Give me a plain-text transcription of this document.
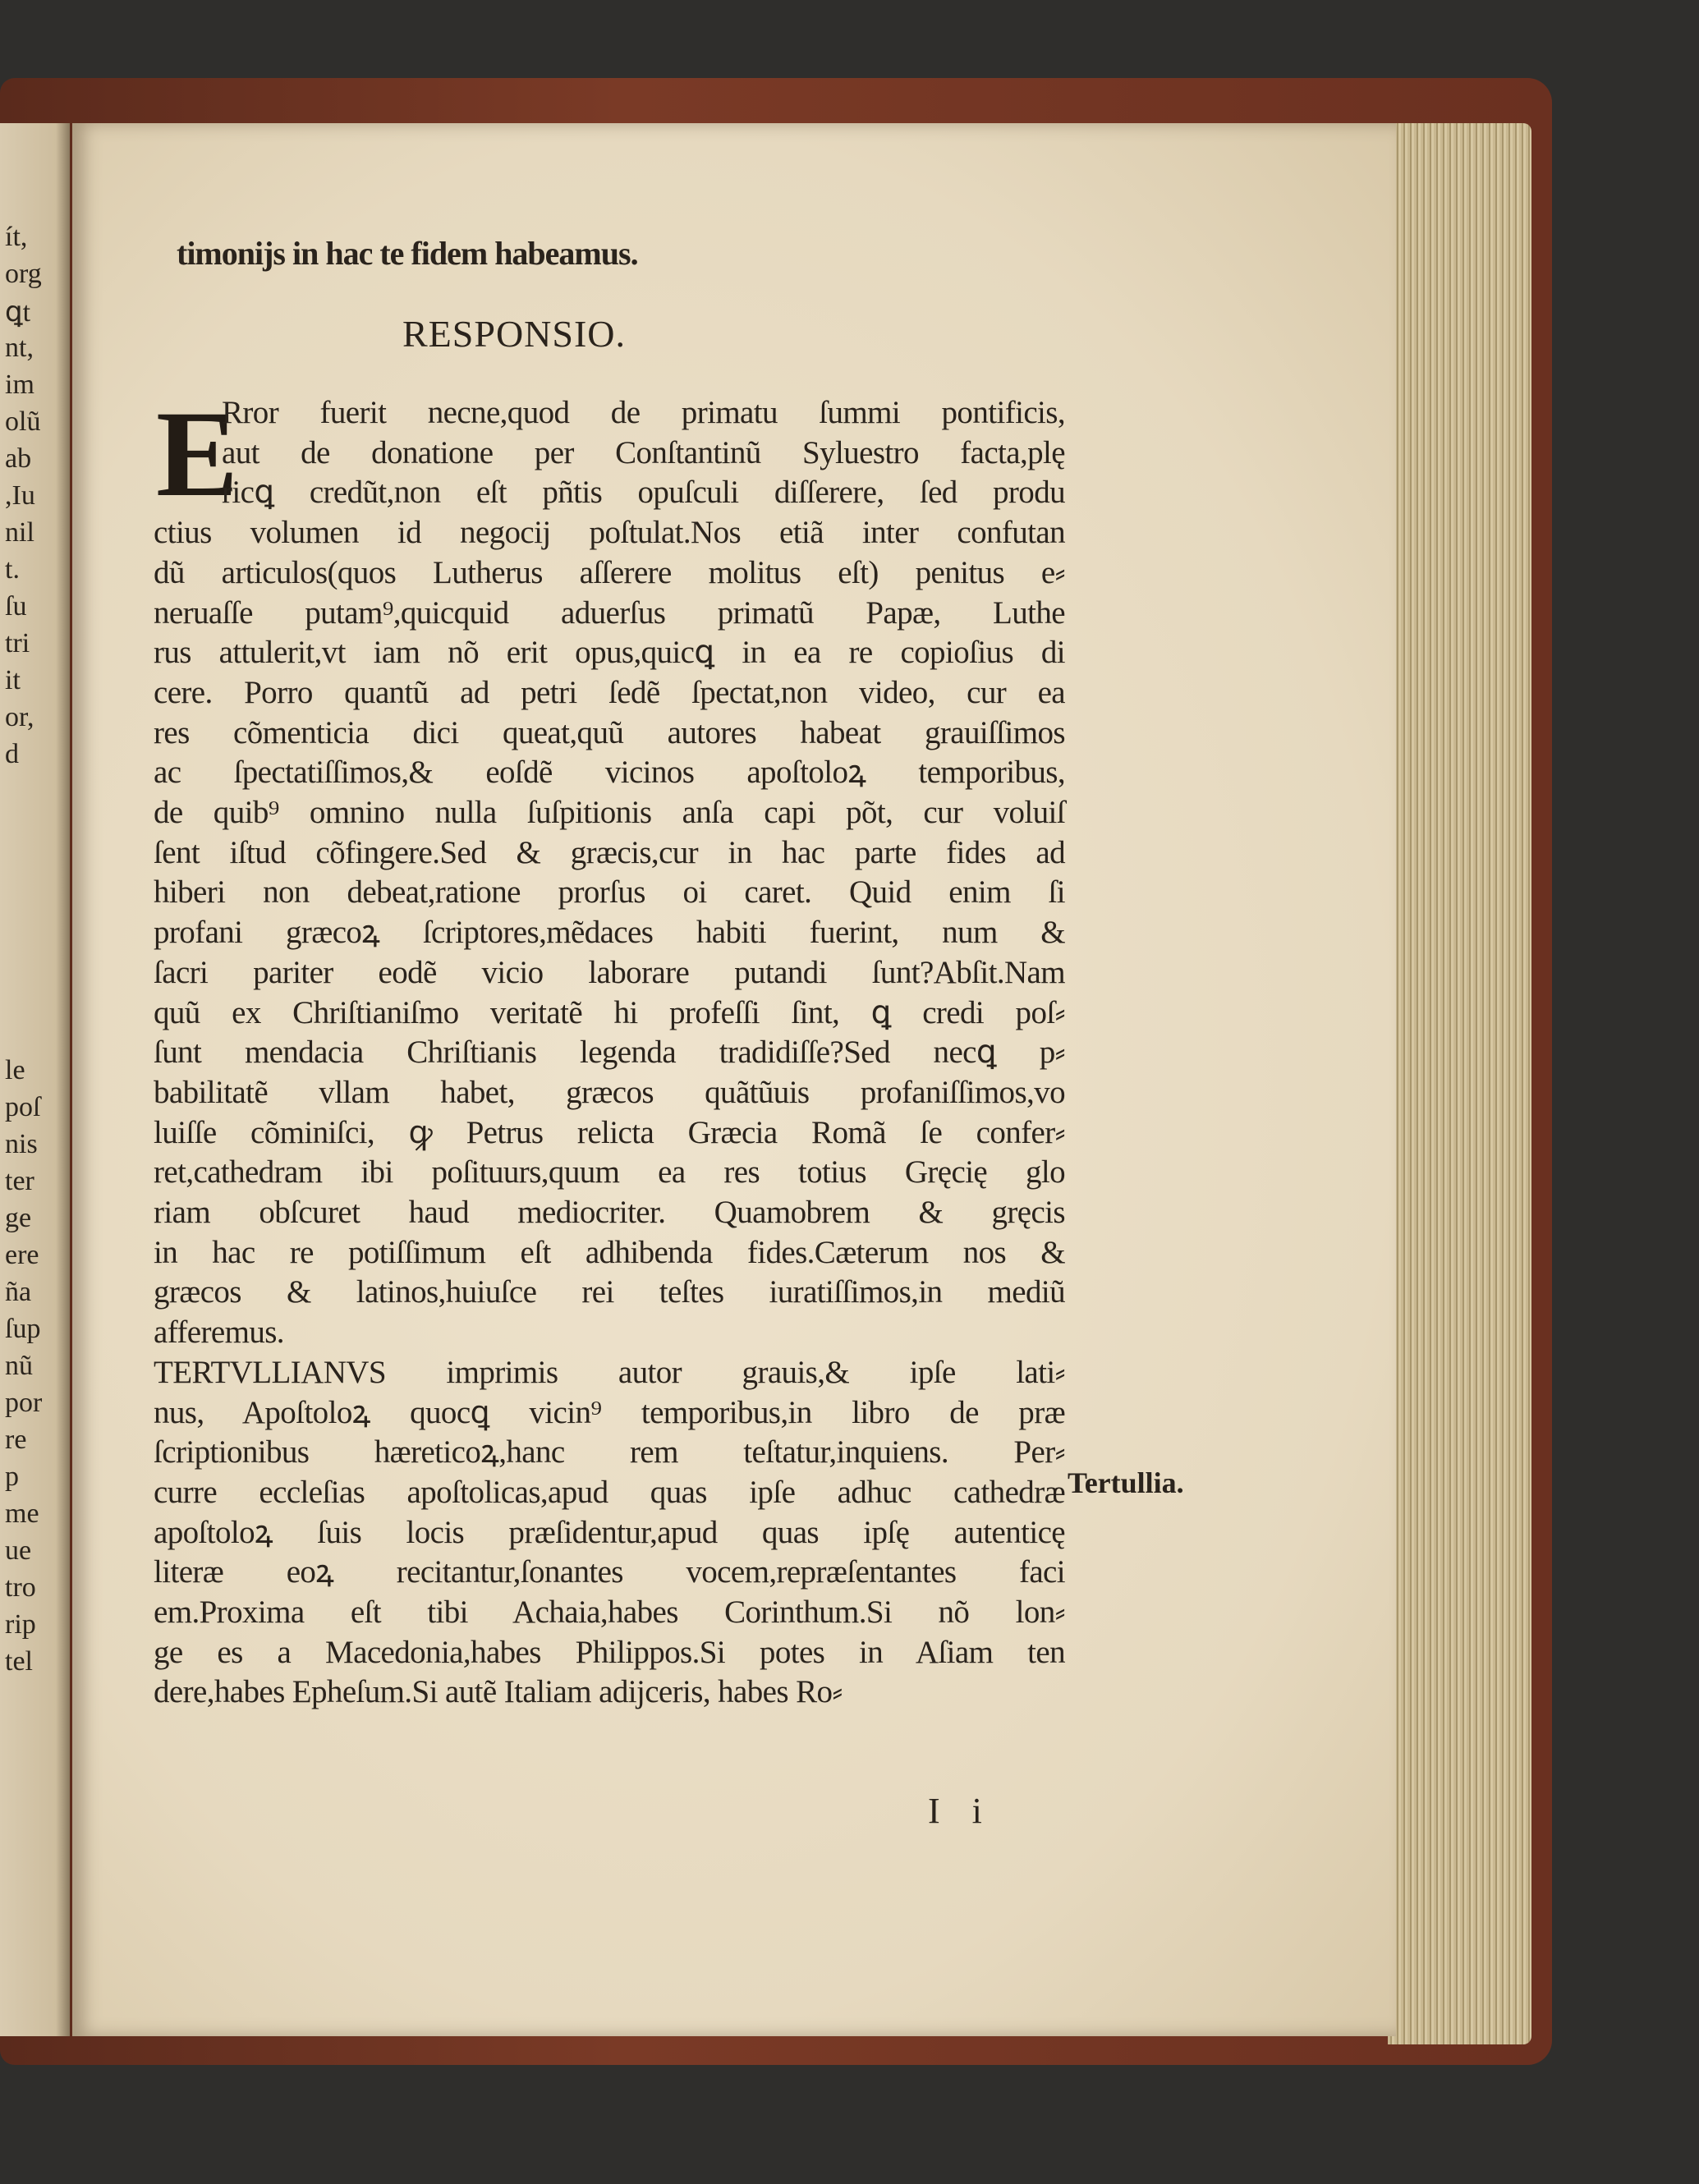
ít,
org
ꝗt
nt,
im
olũ
ab
,Iu
nil
t.
ſu
tri
it
or,
d
le
poſ
nis
ter
ge
ere
ña
ſup
nũ
por
re
p
me
ue
tro
rip
tel
timonijs in hac te fidem habeamus.
RESPONSIO.
E
Rror fuerit necne,quod de primatu ſummi pontificis,
aut de donatione per Conſtantinũ Syluestro facta,plę
ricꝗ credũt,non eſt pñtis opuſculi diſſerere, ſed produ
ctius volumen id negocij poſtulat.Nos etiã inter confutan
dũ articulos(quos Lutherus aſſerere molitus eſt) penitus e⸗
neruaſſe putam⁹,quicquid aduerſus primatũ Papæ, Luthe
rus attulerit,vt iam nõ erit opus,quicꝗ in ea re copioſius di
cere. Porro quantũ ad petri ſedẽ ſpectat,non video, cur ea
res cõmenticia dici queat,quũ autores habeat grauiſſimos
ac ſpectatiſſimos,& eoſdẽ vicinos apoſtoloꝝ temporibus,
de quib⁹ omnino nulla ſuſpitionis anſa capi põt, cur voluiſ
ſent iſtud cõfingere.Sed & græcis,cur in hac parte fides ad
hiberi non debeat,ratione prorſus oi caret. Quid enim ſi
profani græcoꝝ ſcriptores,mẽdaces habiti fuerint, num &
ſacri pariter eodẽ vicio laborare putandi ſunt?Abſit.Nam
quũ ex Chriſtianiſmo veritatẽ hi profeſſi ſint, ꝗ credi poſ⸗
ſunt mendacia Chriſtianis legenda tradidiſſe?Sed necꝗ p⸗
babilitatẽ vllam habet, græcos quãtũuis profaniſſimos,vo
luiſſe cõminiſci, ꝙ Petrus relicta Græcia Romã ſe confer⸗
ret,cathedram ibi poſituurs,quum ea res totius Gręcię glo
riam obſcuret haud mediocriter. Quamobrem & gręcis
in hac re potiſſimum eſt adhibenda fides.Cæterum nos &
græcos & latinos,huiuſce rei teſtes iuratiſſimos,in mediũ
afferemus.
TERTVLLIANVS imprimis autor grauis,& ipſe lati⸗
nus, Apoſtoloꝝ quocꝗ vicin⁹ temporibus,in libro de præ
ſcriptionibus hæreticoꝝ,hanc rem teſtatur,inquiens. Per⸗
curre eccleſias apoſtolicas,apud quas ipſe adhuc cathedræ
apoſtoloꝝ ſuis locis præſidentur,apud quas ipſę autenticę
literæ eoꝝ recitantur,ſonantes vocem,repræſentantes faci
em.Proxima eſt tibi Achaia,habes Corinthum.Si nõ lon⸗
ge es a Macedonia,habes Philippos.Si potes in Aſiam ten
dere,habes Epheſum.Si autẽ Italiam adijceris, habes Ro⸗
Tertullia.
I i
